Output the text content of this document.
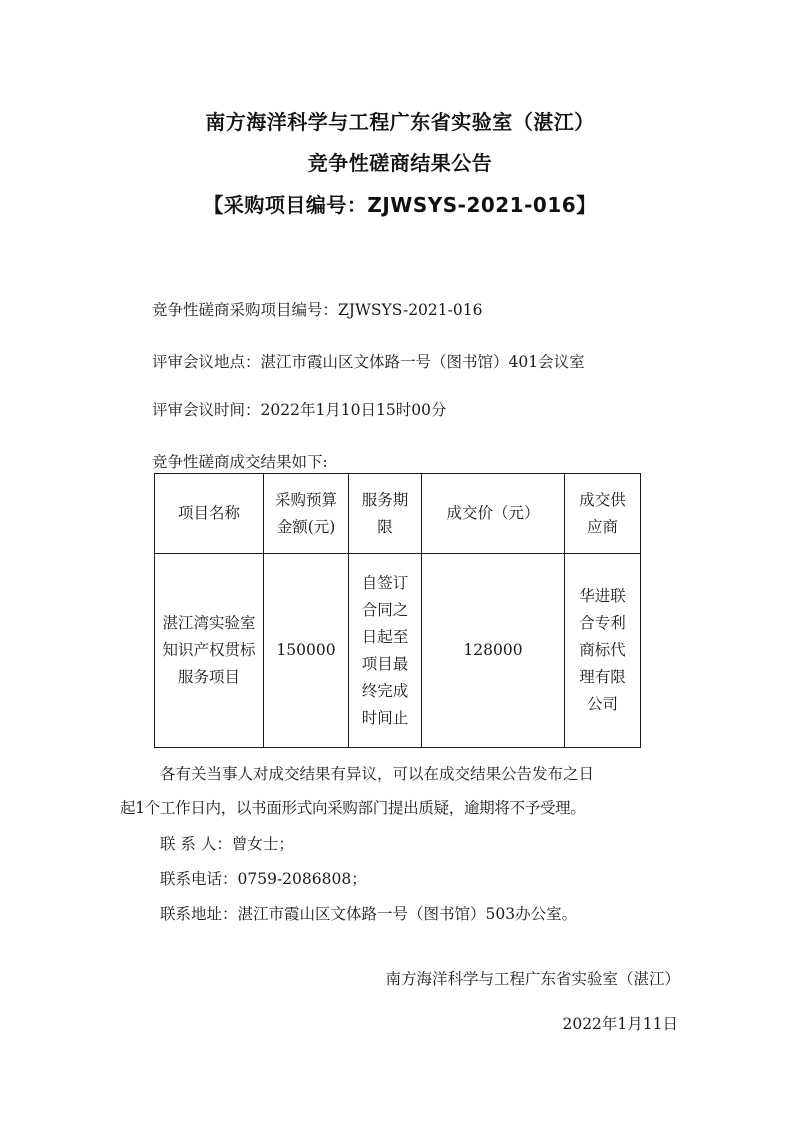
南方海洋科学与工程广东省实验室（湛江）
竞争性磋商结果公告
【采购项目编号：ZJWSYS-2021-016】
竞争性磋商采购项目编号：ZJWSYS-2021-016
评审会议地点：湛江市霞山区文体路一号（图书馆）401会议室
评审会议时间：2022年1月10日15时00分
竞争性磋商成交结果如下:
项目名称	采购预算金额(元)	服务期限	成交价（元）	成交供应商
湛江湾实验室知识产权贯标服务项目	150000	自签订合同之日起至项目最终完成时间止	128000	华进联合专利商标代理有限公司
各有关当事人对成交结果有异议，可以在成交结果公告发布之日
起1个工作日内，以书面形式向采购部门提出质疑，逾期将不予受理。
联 系 人：曾女士；
联系电话：0759-2086808；
联系地址：湛江市霞山区文体路一号（图书馆）503办公室。
南方海洋科学与工程广东省实验室（湛江）
2022年1月11日
